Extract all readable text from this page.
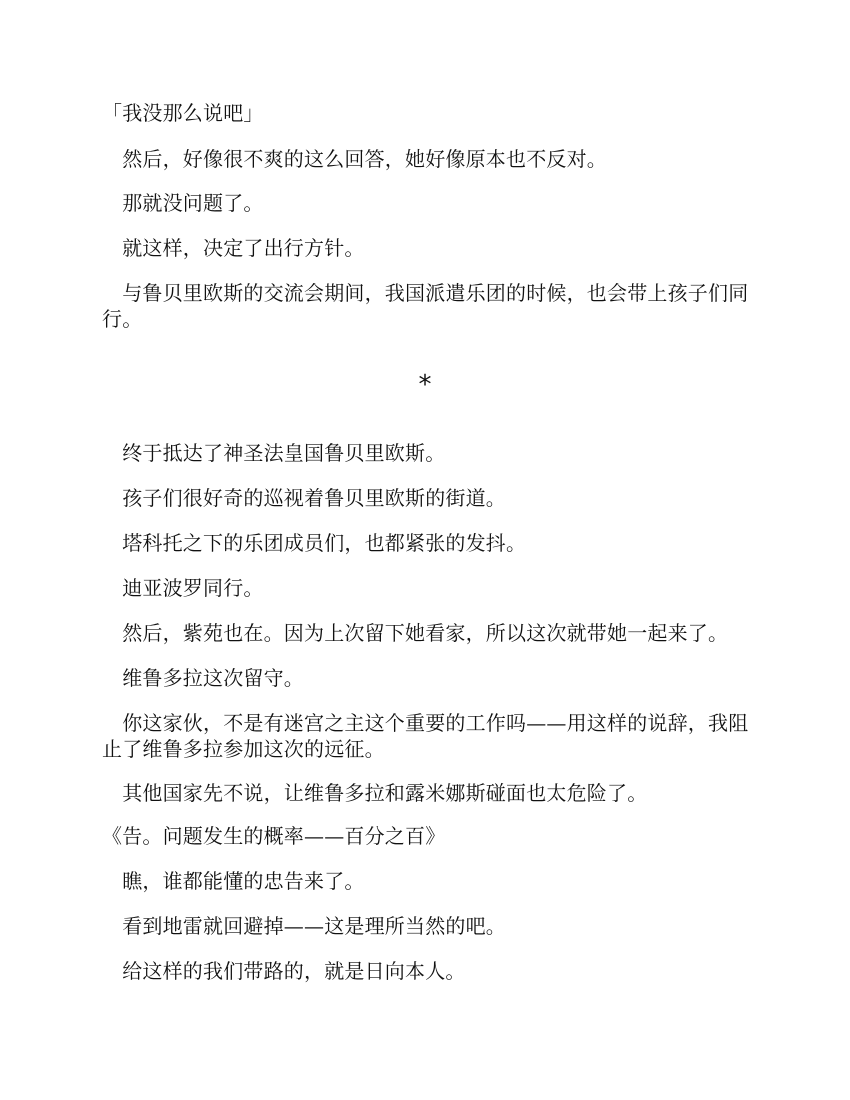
「我没那么说吧」
　然后，好像很不爽的这么回答，她好像原本也不反对。
　那就没问题了。
　就这样，决定了出行方针。
　与鲁贝里欧斯的交流会期间，我国派遣乐团的时候，也会带上孩子们同行。
*
　终于抵达了神圣法皇国鲁贝里欧斯。
　孩子们很好奇的巡视着鲁贝里欧斯的街道。
　塔科托之下的乐团成员们，也都紧张的发抖。
　迪亚波罗同行。
　然后，紫苑也在。因为上次留下她看家，所以这次就带她一起来了。
　维鲁多拉这次留守。
　你这家伙，不是有迷宫之主这个重要的工作吗——用这样的说辞，我阻止了维鲁多拉参加这次的远征。
　其他国家先不说，让维鲁多拉和露米娜斯碰面也太危险了。
《告。问题发生的概率——百分之百》
　瞧，谁都能懂的忠告来了。
　看到地雷就回避掉——这是理所当然的吧。
　给这样的我们带路的，就是日向本人。
